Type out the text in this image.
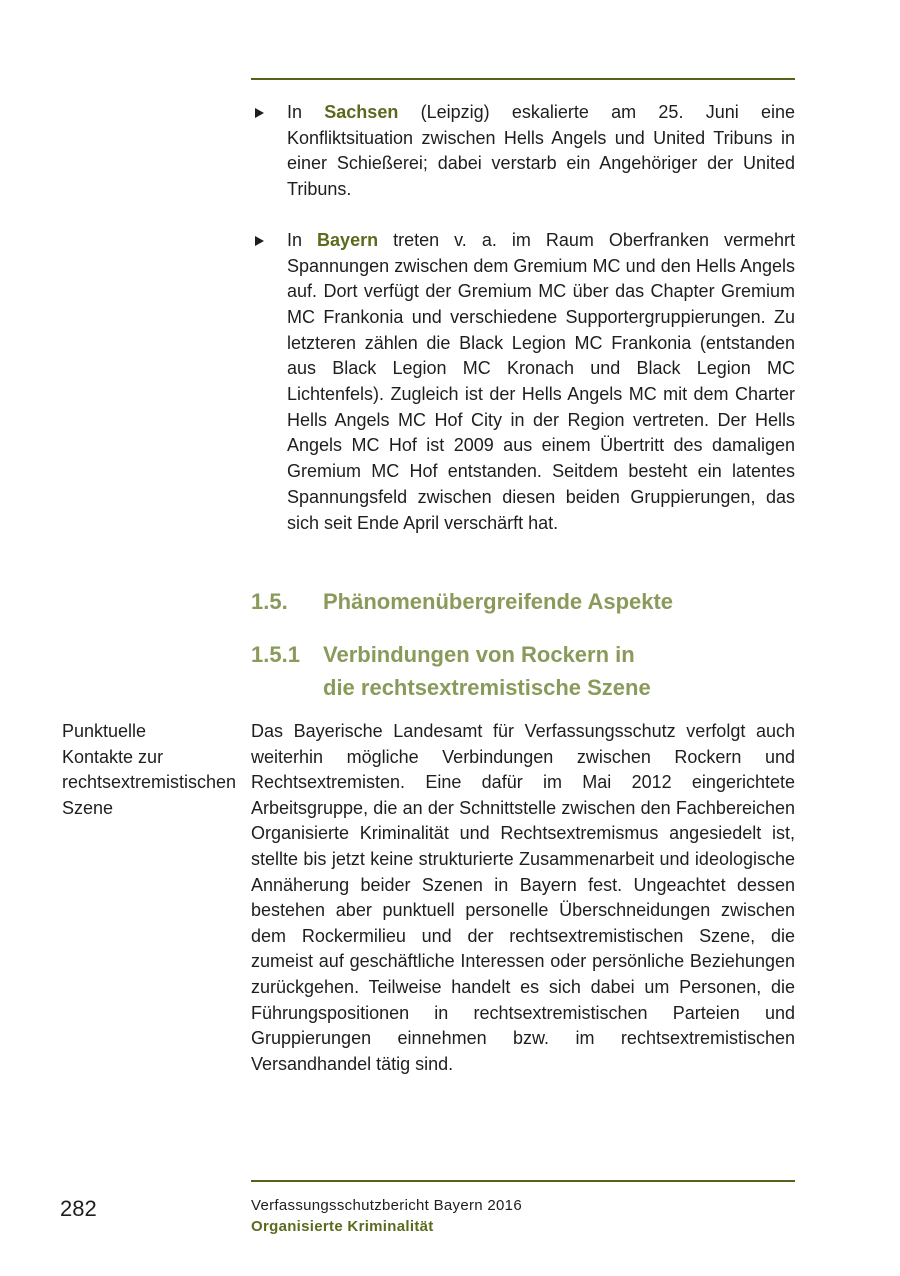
In Sachsen (Leipzig) eskalierte am 25. Juni eine Konfliktsituation zwischen Hells Angels und United Tribuns in einer Schießerei; dabei verstarb ein Angehöriger der United Tribuns.
In Bayern treten v. a. im Raum Oberfranken vermehrt Spannungen zwischen dem Gremium MC und den Hells Angels auf. Dort verfügt der Gremium MC über das Chapter Gremium MC Frankonia und verschiedene Supportergruppierungen. Zu letzteren zählen die Black Legion MC Frankonia (entstanden aus Black Legion MC Kronach und Black Legion MC Lichtenfels). Zugleich ist der Hells Angels MC mit dem Charter Hells Angels MC Hof City in der Region vertreten. Der Hells Angels MC Hof ist 2009 aus einem Übertritt des damaligen Gremium MC Hof entstanden. Seitdem besteht ein latentes Spannungsfeld zwischen diesen beiden Gruppierungen, das sich seit Ende April verschärft hat.
1.5. Phänomenübergreifende Aspekte
1.5.1 Verbindungen von Rockern in
die rechtsextremistische Szene
Punktuelle Kontakte zur rechtsextremistischen Szene
Das Bayerische Landesamt für Verfassungsschutz verfolgt auch weiterhin mögliche Verbindungen zwischen Rockern und Rechtsextremisten. Eine dafür im Mai 2012 eingerichtete Arbeitsgruppe, die an der Schnittstelle zwischen den Fachbereichen Organisierte Kriminalität und Rechtsextremismus angesiedelt ist, stellte bis jetzt keine strukturierte Zusammenarbeit und ideologische Annäherung beider Szenen in Bayern fest. Ungeachtet dessen bestehen aber punktuell personelle Überschneidungen zwischen dem Rockermilieu und der rechtsextremistischen Szene, die zumeist auf geschäftliche Interessen oder persönliche Beziehungen zurückgehen. Teilweise handelt es sich dabei um Personen, die Führungspositionen in rechtsextremistischen Parteien und Gruppierungen einnehmen bzw. im rechtsextremistischen Versandhandel tätig sind.
282	Verfassungsschutzbericht Bayern 2016
Organisierte Kriminalität
